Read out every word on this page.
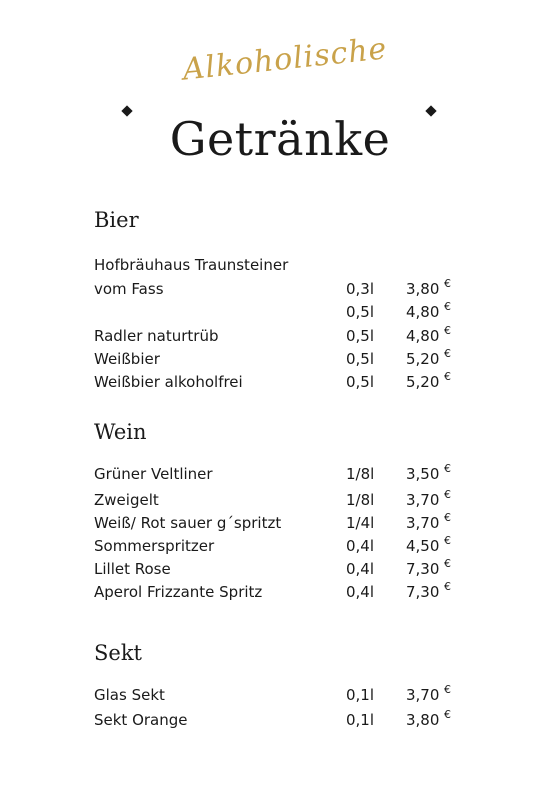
Alkoholische
Getränke
Bier
Hofbräuhaus Traunsteiner
vom Fass	0,3l 3,80 €
0,5l 4,80 €
Radler naturtrüb	0,5l 4,80 €
Weißbier	0,5l 5,20 €
Weißbier alkoholfrei	0,5l 5,20 €
Wein
Grüner Veltliner	1/8l 3,50 €
Zweigelt	1/8l 3,70 €
Weiß/ Rot sauer g´spritzt	1/4l 3,70 €
Sommerspritzer	0,4l 4,50 €
Lillet Rose	0,4l 7,30 €
Aperol Frizzante Spritz	0,4l 7,30 €
Sekt
Glas Sekt	0,1l 3,70 €
Sekt Orange	0,1l 3,80 €
